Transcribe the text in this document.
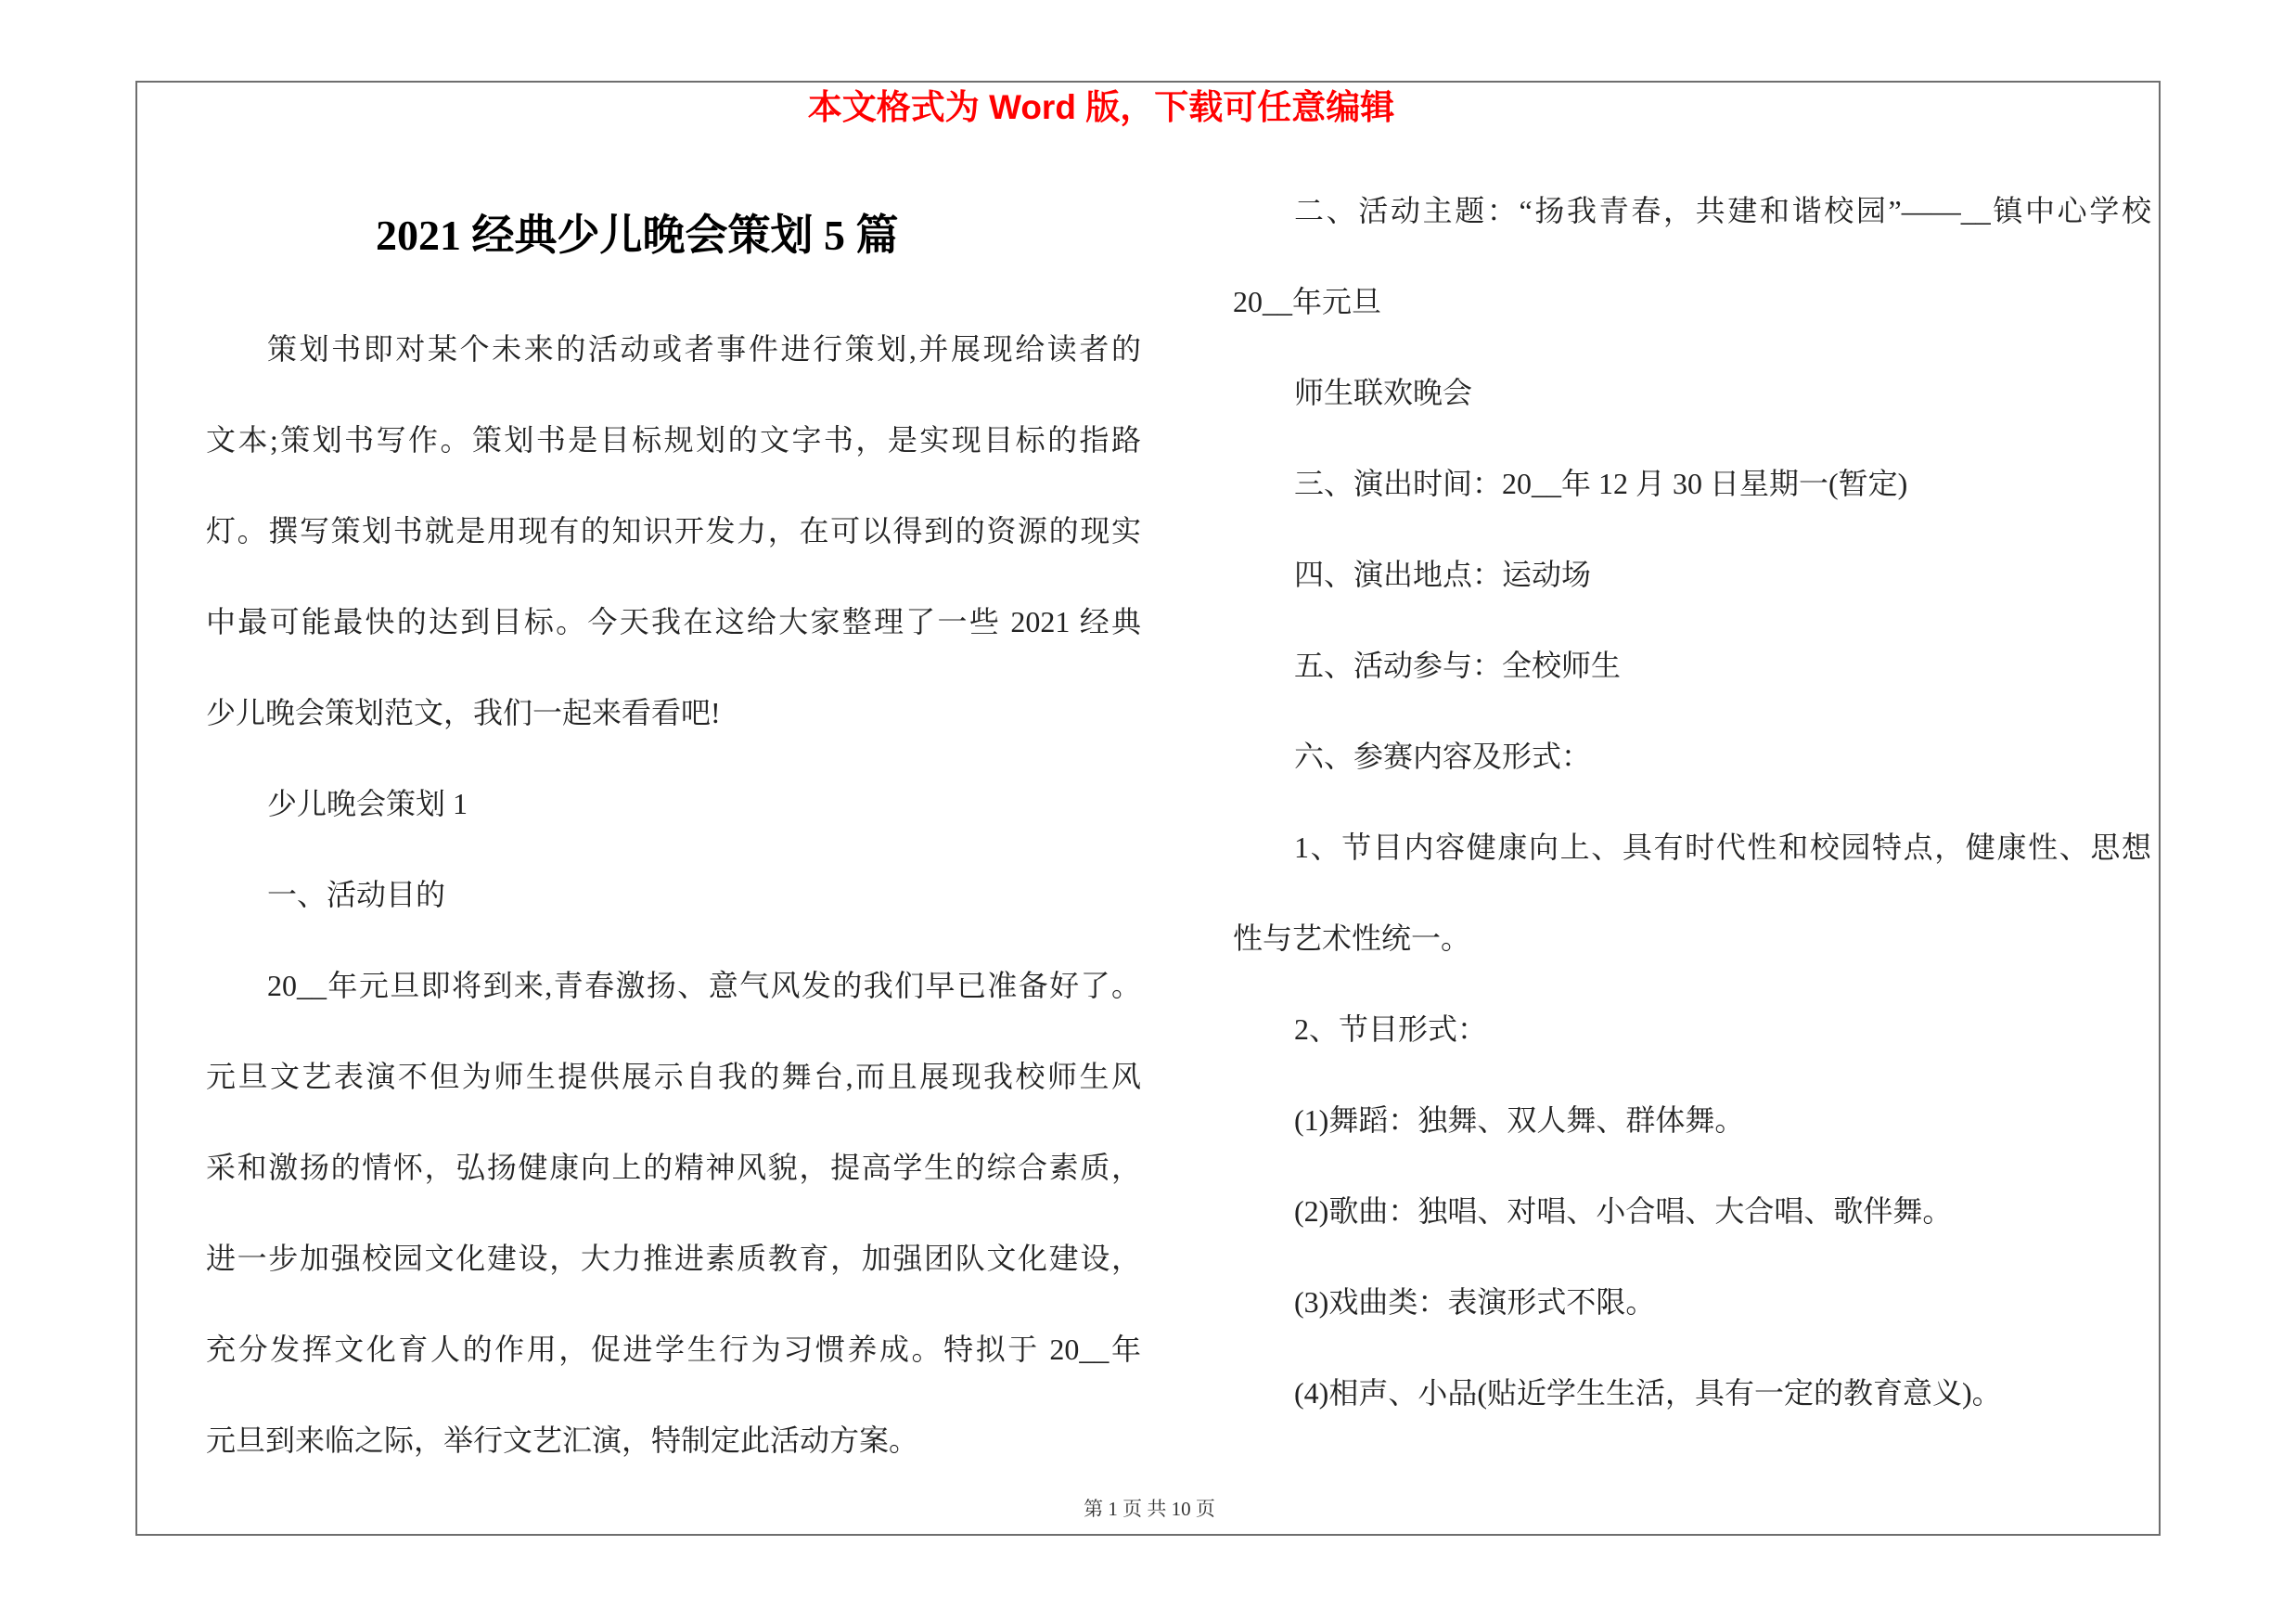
本文格式为 Word 版，下载可任意编辑
2021 经典少儿晚会策划 5 篇
策划书即对某个未来的活动或者事件进行策划,并展现给读者的
文本;策划书写作。策划书是目标规划的文字书，是实现目标的指路
灯。撰写策划书就是用现有的知识开发力，在可以得到的资源的现实
中最可能最快的达到目标。今天我在这给大家整理了一些 2021 经典
少儿晚会策划范文，我们一起来看看吧!
少儿晚会策划 1
一、活动目的
20__年元旦即将到来,青春激扬、意气风发的我们早已准备好了。
元旦文艺表演不但为师生提供展示自我的舞台,而且展现我校师生风
采和激扬的情怀，弘扬健康向上的精神风貌，提高学生的综合素质，
进一步加强校园文化建设，大力推进素质教育，加强团队文化建设，
充分发挥文化育人的作用，促进学生行为习惯养成。特拟于 20__年
元旦到来临之际，举行文艺汇演，特制定此活动方案。
二、活动主题：“扬我青春，共建和谐校园”——__镇中心学校
20__年元旦
师生联欢晚会
三、演出时间：20__年 12 月 30 日星期一(暂定)
四、演出地点：运动场
五、活动参与：全校师生
六、参赛内容及形式：
1、节目内容健康向上、具有时代性和校园特点，健康性、思想
性与艺术性统一。
2、节目形式：
(1)舞蹈：独舞、双人舞、群体舞。
(2)歌曲：独唱、对唱、小合唱、大合唱、歌伴舞。
(3)戏曲类：表演形式不限。
(4)相声、小品(贴近学生生活，具有一定的教育意义)。
第 1 页 共 10 页
